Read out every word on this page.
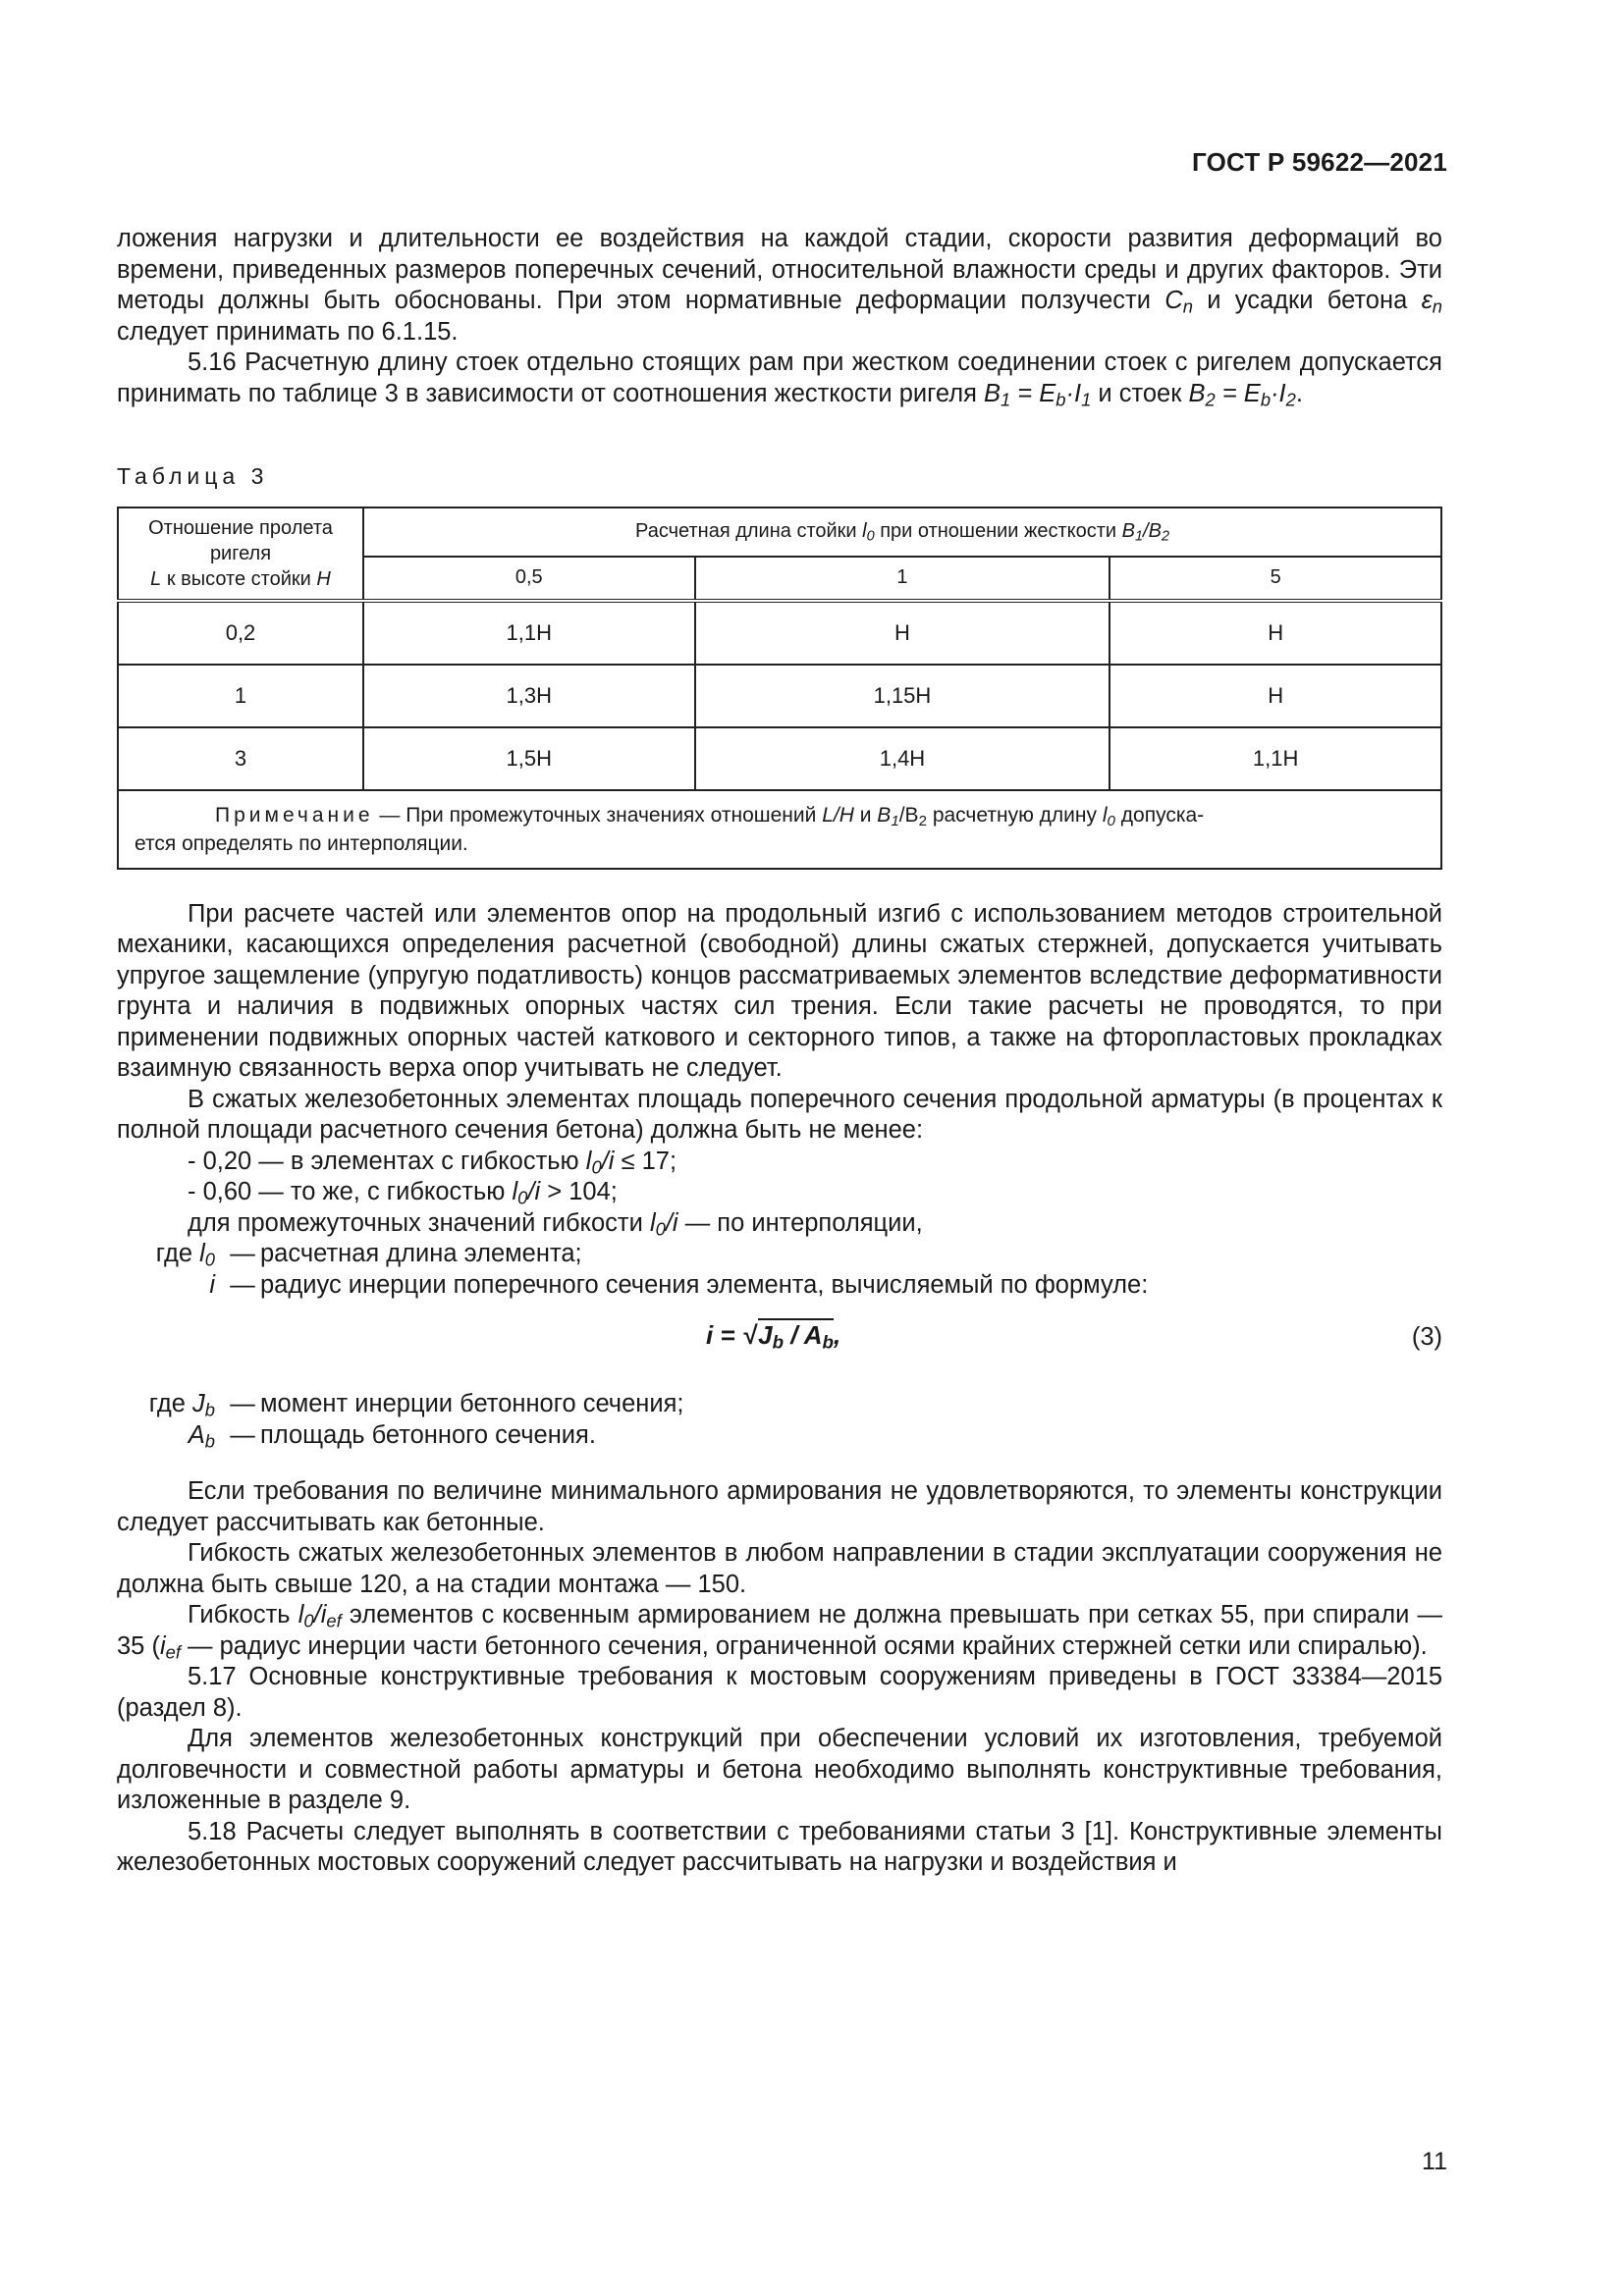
ГОСТ Р 59622—2021

ложения нагрузки и длительности ее воздействия на каждой стадии, скорости развития деформаций во времени, приведенных размеров поперечных сечений, относительной влажности среды и других факторов. Эти методы должны быть обоснованы. При этом нормативные деформации ползучести $C_n$ и усадки бетона $\varepsilon_n$ следует принимать по 6.1.15.

5.16 Расчетную длину стоек отдельно стоящих рам при жестком соединении стоек с ригелем допускается принимать по таблице 3 в зависимости от соотношения жесткости ригеля $B_1 = E_b\cdot I_1$ и стоек $B_2 = E_b\cdot I_2$.

Таблица 3
Отношение пролета ригеля
L к высоте стойки H	Расчетная длина стойки $l_0$ при отношении жесткости $B_1/B_2$
	0,5	1	5
0,2	1,1H	H	H
1	1,3H	1,15H	H
3	1,5H	1,4H	1,1H
Примечание — При промежуточных значениях отношений L/H и $B_1/B_2$ расчетную длину $l_0$ допуска-
ется определять по интерполяции.			

При расчете частей или элементов опор на продольный изгиб с использованием методов строительной механики, касающихся определения расчетной (свободной) длины сжатых стержней, допускается учитывать упругое защемление (упругую податливость) концов рассматриваемых элементов вследствие деформативности грунта и наличия в подвижных опорных частях сил трения. Если такие расчеты не проводятся, то при применении подвижных опорных частей каткового и секторного типов, а также на фторопластовых прокладках взаимную связанность верха опор учитывать не следует.

В сжатых железобетонных элементах площадь поперечного сечения продольной арматуры (в процентах к полной площади расчетного сечения бетона) должна быть не менее:

- 0,20 — в элементах с гибкостью $l_0/i \le 17$;

- 0,60 — то же, с гибкостью $l_0/i > 104$;

для промежуточных значений гибкости $l_0/i$ — по интерполяции,

где $l_0$ — расчетная длина элемента;
i — радиус инерции поперечного сечения элемента, вычисляемый по формуле:
$i = √J_b / A_b$,	(3)
где $J_b$ — момент инерции бетонного сечения;
$A_b$ — площадь бетонного сечения.

Если требования по величине минимального армирования не удовлетворяются, то элементы конструкции следует рассчитывать как бетонные.

Гибкость сжатых железобетонных элементов в любом направлении в стадии эксплуатации сооружения не должна быть свыше 120, а на стадии монтажа — 150.

Гибкость $l_0/i_{ef}$ элементов с косвенным армированием не должна превышать при сетках 55, при спирали — 35 ($i_{ef}$ — радиус инерции части бетонного сечения, ограниченной осями крайних стержней сетки или спиралью).

5.17 Основные конструктивные требования к мостовым сооружениям приведены в ГОСТ 33384—2015 (раздел 8).

Для элементов железобетонных конструкций при обеспечении условий их изготовления, требуемой долговечности и совместной работы арматуры и бетона необходимо выполнять конструктивные требования, изложенные в разделе 9.

5.18 Расчеты следует выполнять в соответствии с требованиями статьи 3 [1]. Конструктивные элементы железобетонных мостовых сооружений следует рассчитывать на нагрузки и воздействия и

11
